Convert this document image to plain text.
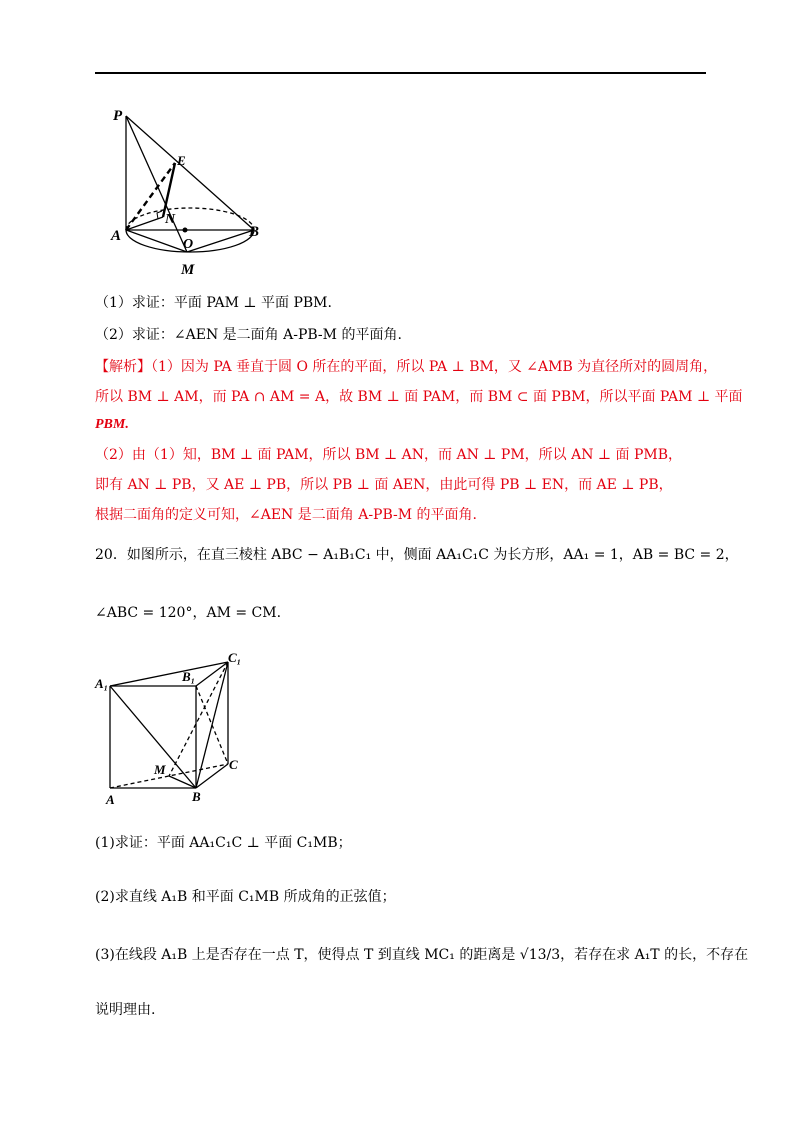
P
E
N
A
O
B
M
（1）求证：平面 PAM ⊥ 平面 PBM.
（2）求证：∠AEN 是二面角 A-PB-M 的平面角.
【解析】（1）因为 PA 垂直于圆 O 所在的平面，所以 PA ⊥ BM，又 ∠AMB 为直径所对的圆周角，
所以 BM ⊥ AM，而 PA ∩ AM = A，故 BM ⊥ 面 PAM，而 BM ⊂ 面 PBM，所以平面 PAM ⊥ 平面
PBM.
（2）由（1）知，BM ⊥ 面 PAM，所以 BM ⊥ AN，而 AN ⊥ PM，所以 AN ⊥ 面 PMB，
即有 AN ⊥ PB，又 AE ⊥ PB，所以 PB ⊥ 面 AEN，由此可得 PB ⊥ EN，而 AE ⊥ PB，
根据二面角的定义可知，∠AEN 是二面角 A-PB-M 的平面角.
20．如图所示，在直三棱柱 ABC − A₁B₁C₁ 中，侧面 AA₁C₁C 为长方形，AA₁ = 1，AB = BC = 2，
∠ABC = 120°，AM = CM.
A₁	B₁
C₁
M	C
A	B
(1)求证：平面 AA₁C₁C ⊥ 平面 C₁MB；
(2)求直线 A₁B 和平面 C₁MB 所成角的正弦值；
(3)在线段 A₁B 上是否存在一点 T，使得点 T 到直线 MC₁ 的距离是 √13/3，若存在求 A₁T 的长，不存在
说明理由.
